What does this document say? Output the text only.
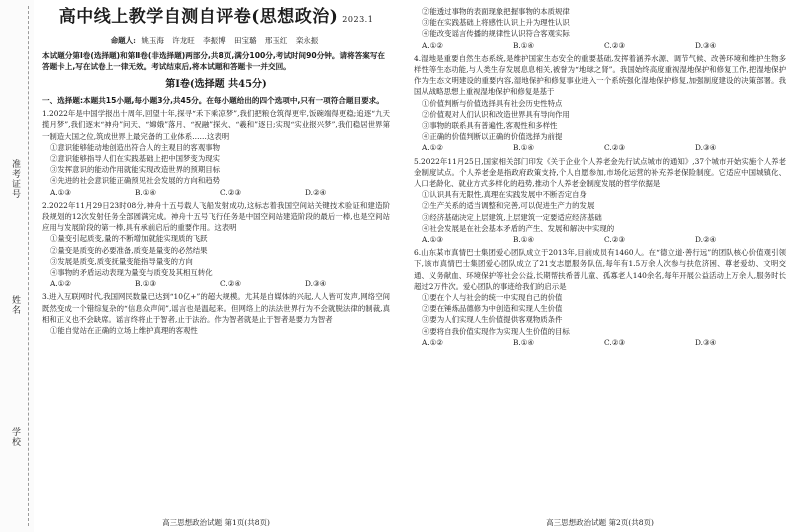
准考证号
姓名
学校
高中线上教学自测自评卷(思想政治) 2023.1
命题人: 姚玉海 许龙旺 李振博 田宝璐 邢玉红 栾永振
本试题分第Ⅰ卷(选择题)和第Ⅱ卷(非选择题)两部分,共8页,满分100分,考试时间90分钟。请将答案写在答题卡上,写在试卷上一律无效。考试结束后,将本试题和答题卡一并交回。
第Ⅰ卷(选择题 共45分)
一、选择题:本题共15小题,每小题3分,共45分。在每小题给出的四个选项中,只有一项符合题目要求。
1.2022年是中国学报出十周年,回望十年,探寻“禾下乘凉梦”,我们把粮仓筑得更牢,饭碗端得更稳;追逐“九天揽月梦”,我们逐末“神舟”问天、“嫦娥”落月、“祝融”探火、“羲和”逐日;实现“实业报兴梦”,我们稳居世界第一制造大国之位,筑成世界上最完备的工业体系……这表明
①意识能够能动地创造出符合人的主观目的客观事物
②意识能够指导人们在实践基础上把中国梦变为现实
③发挥意识的能动作用就能实现改造世界的预期目标
④先进的社会意识能正确预见社会发展的方向和趋势
A.①③	B.①④	C.②③	D.②④
2.2022年11月29日23时08分,神舟十五号载人飞船发射成功,这标志着我国空间站关键技术验证和建造阶段规划的12次发射任务全部圆满完成。神舟十五号飞行任务是中国空间站建造阶段的最后一棒,也是空间站应用与发展阶段的第一棒,具有承前启后的重要作用。这表明
①量变引起质变,量的不断增加就能实现质的飞跃
②量变是质变的必要准备,质变是量变的必然结果
③发展是质变,质变抚量变能指导量变的方向
④事物的矛盾运动表现为量变与质变及其相互转化
A.①②	B.①③	C.②④	D.③④
3.进入互联网时代,我国网民数量已达到“10亿+”的超大规模。尤其是自媒体的兴起,人人皆可发声,网络空间既然变成一个错综复杂的“信息众声间”,谣言也是温起来。但网络上的法法世界行为不会就脱法律的制裁,真相和正义也不会缺席。谣言终将止于智者,止于法治。作为智者就是止于智者是要力为智者
①能自觉站在正确的立场上维护真理的客观性
高三思想政治试题 第1页(共8页)
②能透过事物的表面现象把握事物的本质规律
③能在实践基础上将感性认识上升为理性认识
④能改变谣言传播的规律性认识符合客观实际
A.①②	B.①④	C.②③	D.③④
4.湿地是重要自然生态系统,是维护国家生态安全的重要基础,发挥着涵养水源、调节气候、改善环境和维护生物多样性等生态功能,与人类生存发展息息相关,被誉为“地球之肾”。我国始终高度重视湿地保护和修复工作,把湿地保护作为生态文明建设的重要内容,湿地保护和修复事业进入一个系统强化湿地保护修复,加强制度建设的决策部署。我国从战略思想上重视湿地保护和修复是基于
①价值判断与价值选择具有社会历史性特点
②价值观对人们认识和改造世界具有导向作用
③事物的联系具有普遍性,客观性和多样性
④正确的价值判断以正确的价值选择为前提
A.①②	B.①④	C.②③	D.③④
5.2022年11月25日,国家相关部门印发《关于企业个人养老金先行试点城市的通知》,37个城市开始实施个人养老金制度试点。个人养老金是指政府政策支持,个人自愿参加,市场化运营的补充养老保险制度。它适应中国城镇化、人口老龄化、就业方式多样化的趋势,推动个人养老金制度发展的哲学依据是
①认识具有无限性,真理在实践发展中不断否定自身
②生产关系的适当调整和完善,可以促进生产力的发展
③经济基础决定上层建筑,上层建筑一定要适应经济基础
④社会发展是在社会基本矛盾的产生、发展和解决中实现的
A.①③	B.①④	C.②③	D.②④
6.山东某市真情巴士集团爱心团队成立于2013年,目前成员有1460人。在“德立道·善行远”的团队核心价值观引领下,该市真情巴士集团爱心团队成立了21支志愿服务队伍,每年有1.5万余人次参与扶危济困、尊老爱幼、文明交通、义务献血、环境保护等社会公益,长期帮扶希普儿童、孤寡老人140余名,每年开展公益活动上万余人,服务时长超过2万件次。爱心团队的事迹给我们的启示是
①要在个人与社会的统一中实现自己的价值
②要在锤炼品德修为中创造和实现人生价值
③要为人们实现人生价值提供客观物质条件
④要将自我价值实现作为实现人生价值的目标
A.①②	B.①④	C.②③	D.③④
高三思想政治试题 第2页(共8页)
